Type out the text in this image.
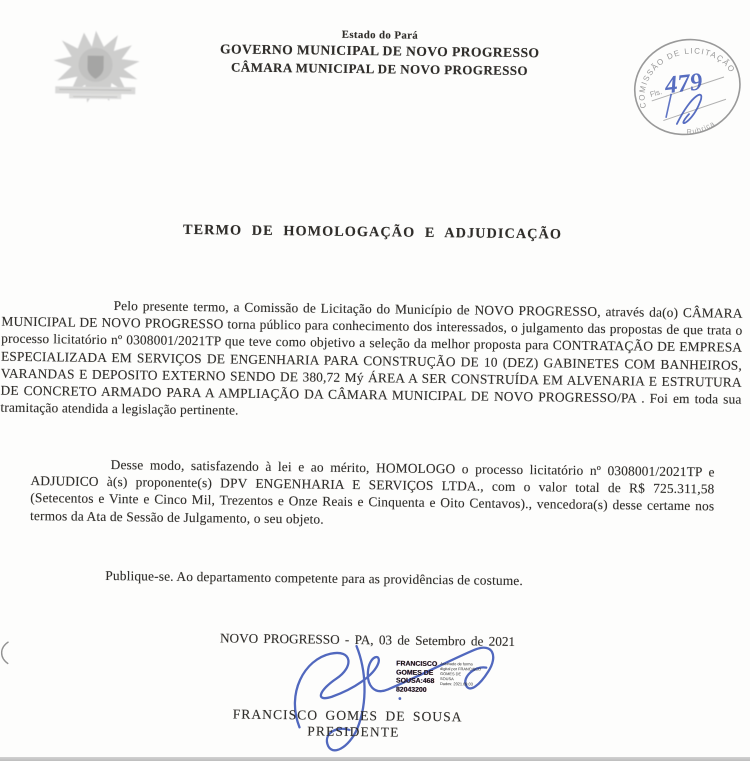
Estado do Pará
GOVERNO MUNICIPAL DE NOVO PROGRESSO
CÂMARA MUNICIPAL DE NOVO PROGRESSO
COMISSÃO DE LICITAÇÃO
Rubrica
Fls. 479
TERMO DE HOMOLOGAÇÃO E ADJUDICAÇÃO

Pelo presente termo, a Comissão de Licitação do Município de NOVO PROGRESSO, através da(o) CÂMARA MUNICIPAL DE NOVO PROGRESSO torna público para conhecimento dos interessados, o julgamento das propostas de que trata o processo licitatório nº 0308001/2021TP que teve como objetivo a seleção da melhor proposta para CONTRATAÇÃO DE EMPRESA ESPECIALIZADA EM SERVIÇOS DE ENGENHARIA PARA CONSTRUÇÃO DE 10 (DEZ) GABINETES COM BANHEIROS, VARANDAS E DEPOSITO EXTERNO SENDO DE 380,72 Mý ÁREA A SER CONSTRUÍDA EM ALVENARIA E ESTRUTURA DE CONCRETO ARMADO PARA A AMPLIAÇÃO DA CÂMARA MUNICIPAL DE NOVO PROGRESSO/PA . Foi em toda sua tramitação atendida a legislação pertinente.

Desse modo, satisfazendo à lei e ao mérito, HOMOLOGO o processo licitatório nº 0308001/2021TP e ADJUDICO à(s) proponente(s) DPV ENGENHARIA E SERVIÇOS LTDA., com o valor total de R$ 725.311,58 (Setecentos e Vinte e Cinco Mil, Trezentos e Onze Reais e Cinquenta e Oito Centavos)., vencedora(s) desse certame nos termos da Ata de Sessão de Julgamento, o seu objeto.

Publique-se. Ao departamento competente para as providências de costume.

NOVO PROGRESSO - PA, 03 de Setembro de 2021
FRANCISCO
GOMES DE
SOUSA:468
82043200
Assinado de forma
digital por FRANCISCO
GOMES DE
SOUSA
Dados: 2021.09.03
FRANCISCO GOMES DE SOUSA
PRESIDENTE
